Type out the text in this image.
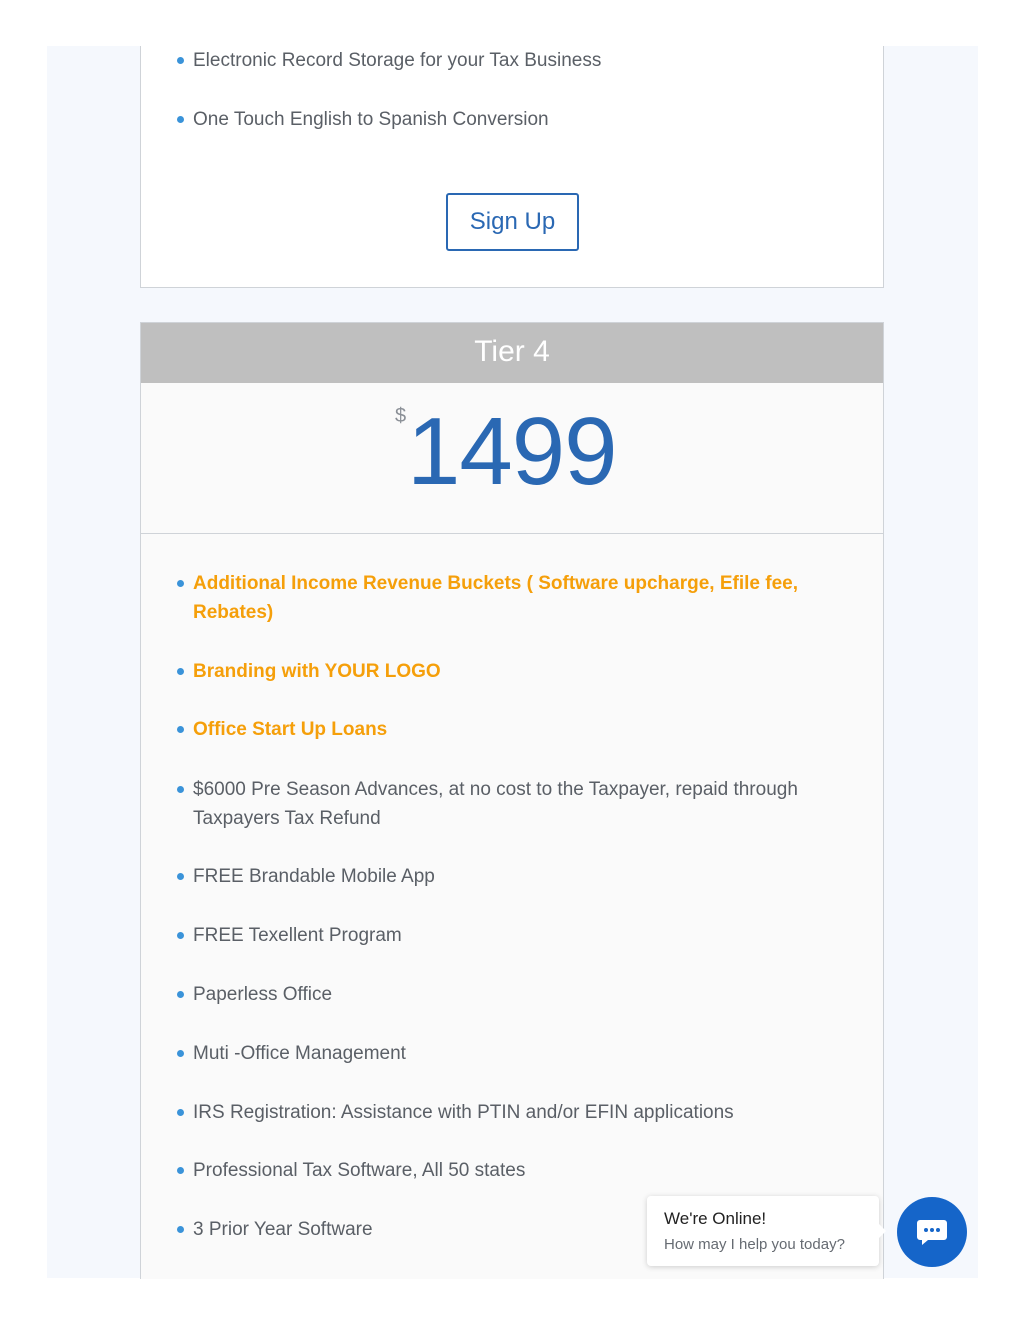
Electronic Record Storage for your Tax Business
One Touch English to Spanish Conversion
Sign Up
Tier 4
$ 1499
Additional Income Revenue Buckets ( Software upcharge, Efile fee, Rebates)
Branding with YOUR LOGO
Office Start Up Loans
$6000 Pre Season Advances, at no cost to the Taxpayer, repaid through Taxpayers Tax Refund
FREE Brandable Mobile App
FREE Texellent Program
Paperless Office
Muti -Office Management
IRS Registration: Assistance with PTIN and/or EFIN applications
Professional Tax Software, All 50 states
3 Prior Year Software
We're Online!
How may I help you today?
